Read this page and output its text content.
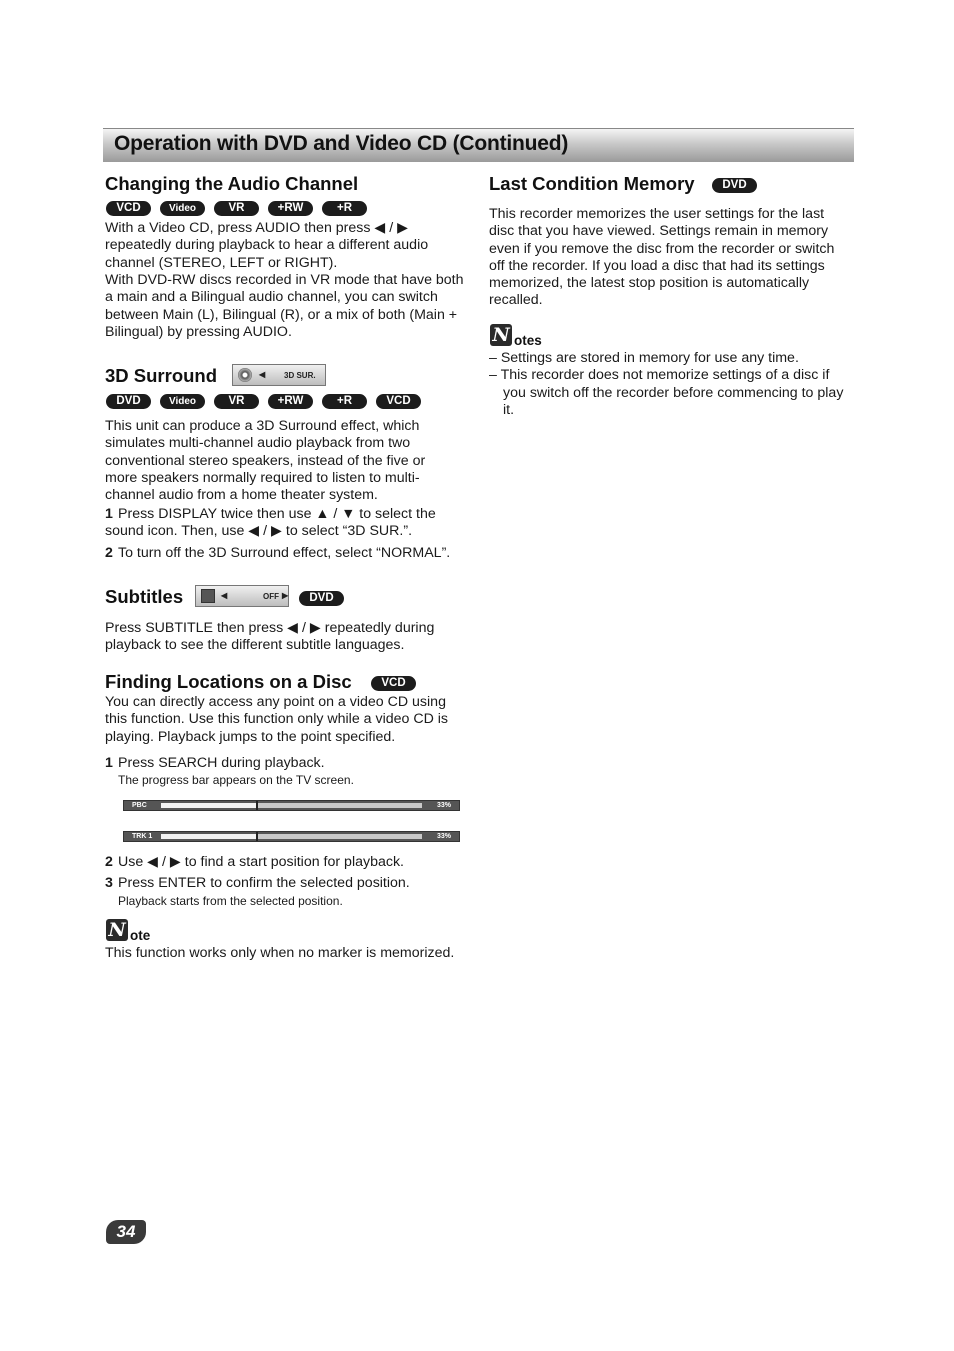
Operation with DVD and Video CD (Continued)
Changing the Audio Channel
VCD	Video	VR	+RW	+R

With a Video CD, press AUDIO then press ◀ / ▶ repeatedly during playback to hear a different audio channel (STEREO, LEFT or RIGHT).

With DVD-RW discs recorded in VR mode that have both a main and a Bilingual audio channel, you can switch between Main (L), Bilingual (R), or a mix of both (Main + Bilingual) by pressing AUDIO.

3D Surround	◀ 3D SUR.
DVD	Video	VR	+RW	+R	VCD

This unit can produce a 3D Surround effect, which simulates multi-channel audio playback from two conventional stereo speakers, instead of the five or more speakers normally required to listen to multi-channel audio from a home theater system.

1 Press DISPLAY twice then use ▲ / ▼ to select the sound icon. Then, use ◀ / ▶ to select “3D SUR.”.

2 To turn off the 3D Surround effect, select “NORMAL”.

Subtitles	◀	OFF ▶	DVD

Press SUBTITLE then press ◀ / ▶ repeatedly during playback to see the different subtitle languages.

Finding Locations on a Disc	VCD

You can directly access any point on a video CD using this function. Use this function only while a video CD is playing. Playback jumps to the point specified.

1 Press SEARCH during playback.

The progress bar appears on the TV screen.

PBC	33%
TRK 1	33%

2 Use ◀ / ▶ to find a start position for playback.

3 Press ENTER to confirm the selected position.

Playback starts from the selected position.

N ote

This function works only when no marker is memorized.

Last Condition Memory	DVD

This recorder memorizes the user settings for the last disc that you have viewed. Settings remain in memory even if you remove the disc from the recorder or switch off the recorder. If you load a disc that had its settings memorized, the latest stop position is automatically recalled.

N otes
– Settings are stored in memory for use any time.
– This recorder does not memorize settings of a disc if you switch off the recorder before commencing to play it.
34
